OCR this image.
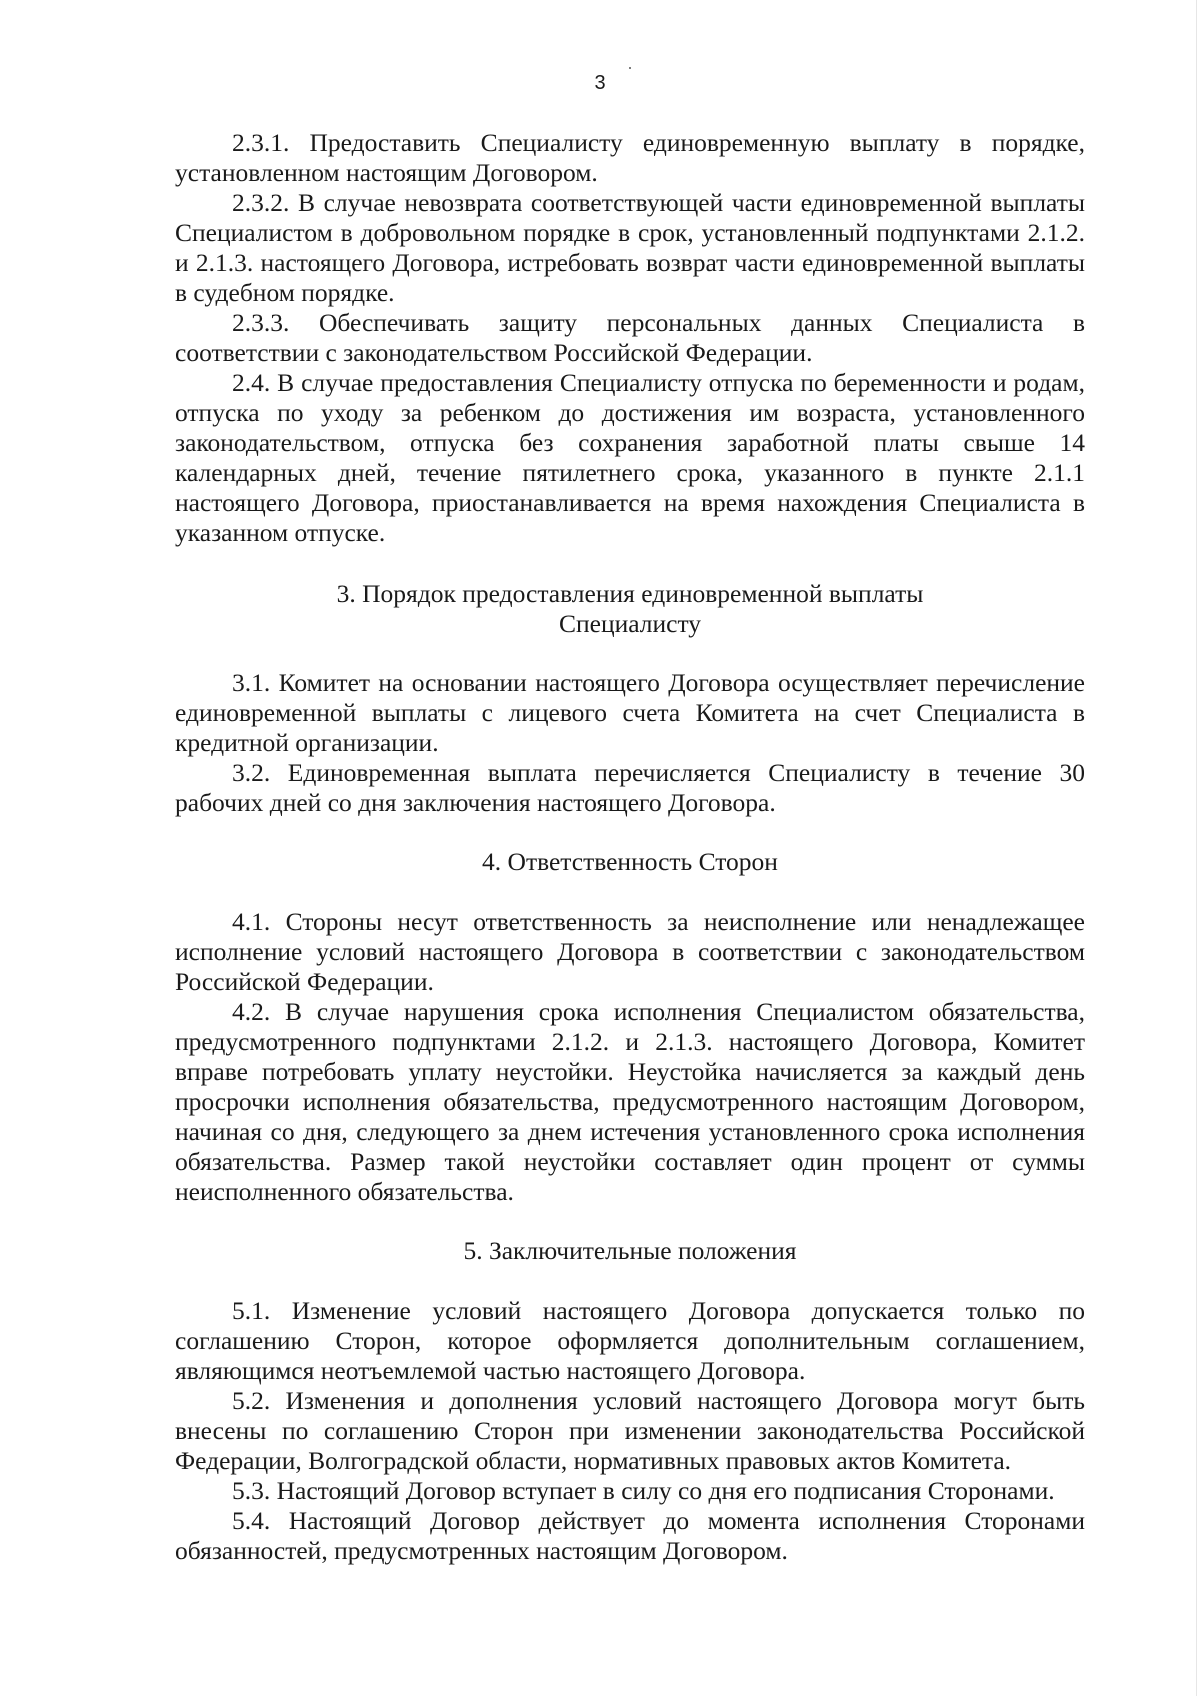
3

2.3.1. Предоставить Специалисту единовременную выплату в порядке, установленном настоящим Договором.

2.3.2. В случае невозврата соответствующей части единовременной выплаты Специалистом в добровольном порядке в срок, установленный подпунктами 2.1.2. и 2.1.3. настоящего Договора, истребовать возврат части единовременной выплаты в судебном порядке.

2.3.3. Обеспечивать защиту персональных данных Специалиста в соответствии с законодательством Российской Федерации.

2.4. В случае предоставления Специалисту отпуска по беременности и родам, отпуска по уходу за ребенком до достижения им возраста, установленного законодательством, отпуска без сохранения заработной платы свыше 14 календарных дней, течение пятилетнего срока, указанного в пункте 2.1.1 настоящего Договора, приостанавливается на время нахождения Специалиста в указанном отпуске.

3. Порядок предоставления единовременной выплаты

Специалисту

3.1. Комитет на основании настоящего Договора осуществляет перечисление единовременной выплаты с лицевого счета Комитета на счет Специалиста в кредитной организации.

3.2. Единовременная выплата перечисляется Специалисту в течение 30 рабочих дней со дня заключения настоящего Договора.

4. Ответственность Сторон

4.1. Стороны несут ответственность за неисполнение или ненадлежащее исполнение условий настоящего Договора в соответствии с законодательством Российской Федерации.

4.2. В случае нарушения срока исполнения Специалистом обязательства, предусмотренного подпунктами 2.1.2. и 2.1.3. настоящего Договора, Комитет вправе потребовать уплату неустойки. Неустойка начисляется за каждый день просрочки исполнения обязательства, предусмотренного настоящим Договором, начиная со дня, следующего за днем истечения установленного срока исполнения обязательства. Размер такой неустойки составляет один процент от суммы неисполненного обязательства.

5. Заключительные положения

5.1. Изменение условий настоящего Договора допускается только по соглашению Сторон, которое оформляется дополнительным соглашением, являющимся неотъемлемой частью настоящего Договора.

5.2. Изменения и дополнения условий настоящего Договора могут быть внесены по соглашению Сторон при изменении законодательства Российской Федерации, Волгоградской области, нормативных правовых актов Комитета.

5.3. Настоящий Договор вступает в силу со дня его подписания Сторонами.

5.4. Настоящий Договор действует до момента исполнения Сторонами обязанностей, предусмотренных настоящим Договором.
